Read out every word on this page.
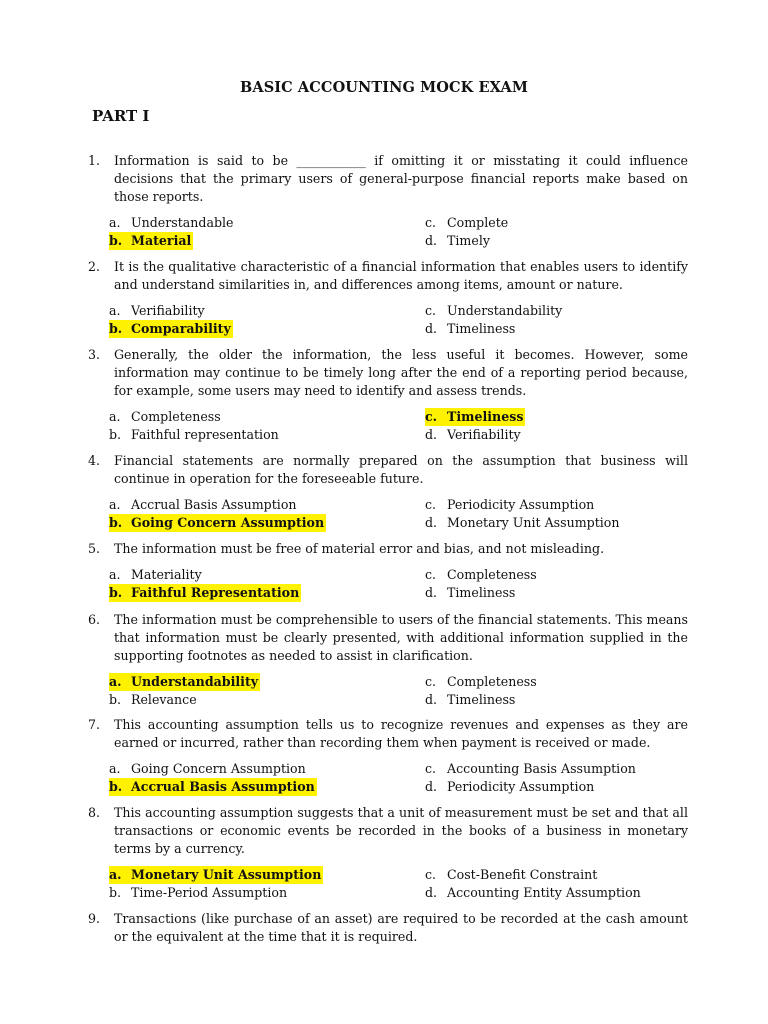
BASIC ACCOUNTING MOCK EXAM
PART I
1.	Information is said to be ___________ if omitting it or misstating it could influence decisions that the primary users of general-purpose financial reports make based on those reports.
a. Understandable	c. Complete
b. Material	d. Timely
2.	It is the qualitative characteristic of a financial information that enables users to identify and understand similarities in, and differences among items, amount or nature.
a. Verifiability	c. Understandability
b. Comparability	d. Timeliness
3.	Generally, the older the information, the less useful it becomes. However, some information may continue to be timely long after the end of a reporting period because, for example, some users may need to identify and assess trends.
a. Completeness	c. Timeliness
b. Faithful representation	d. Verifiability
4.	Financial statements are normally prepared on the assumption that business will continue in operation for the foreseeable future.
a. Accrual Basis Assumption	c. Periodicity Assumption
b. Going Concern Assumption	d. Monetary Unit Assumption
5.	The information must be free of material error and bias, and not misleading.
a. Materiality	c. Completeness
b. Faithful Representation	d. Timeliness
6.	The information must be comprehensible to users of the financial statements. This means that information must be clearly presented, with additional information supplied in the supporting footnotes as needed to assist in clarification.
a. Understandability	c. Completeness
b. Relevance	d. Timeliness
7.	This accounting assumption tells us to recognize revenues and expenses as they are earned or incurred, rather than recording them when payment is received or made.
a. Going Concern Assumption	c. Accounting Basis Assumption
b. Accrual Basis Assumption	d. Periodicity Assumption
8.	This accounting assumption suggests that a unit of measurement must be set and that all transactions or economic events be recorded in the books of a business in monetary terms by a currency.
a. Monetary Unit Assumption	c. Cost-Benefit Constraint
b. Time-Period Assumption	d. Accounting Entity Assumption
9.	Transactions (like purchase of an asset) are required to be recorded at the cash amount or the equivalent at the time that it is required.
